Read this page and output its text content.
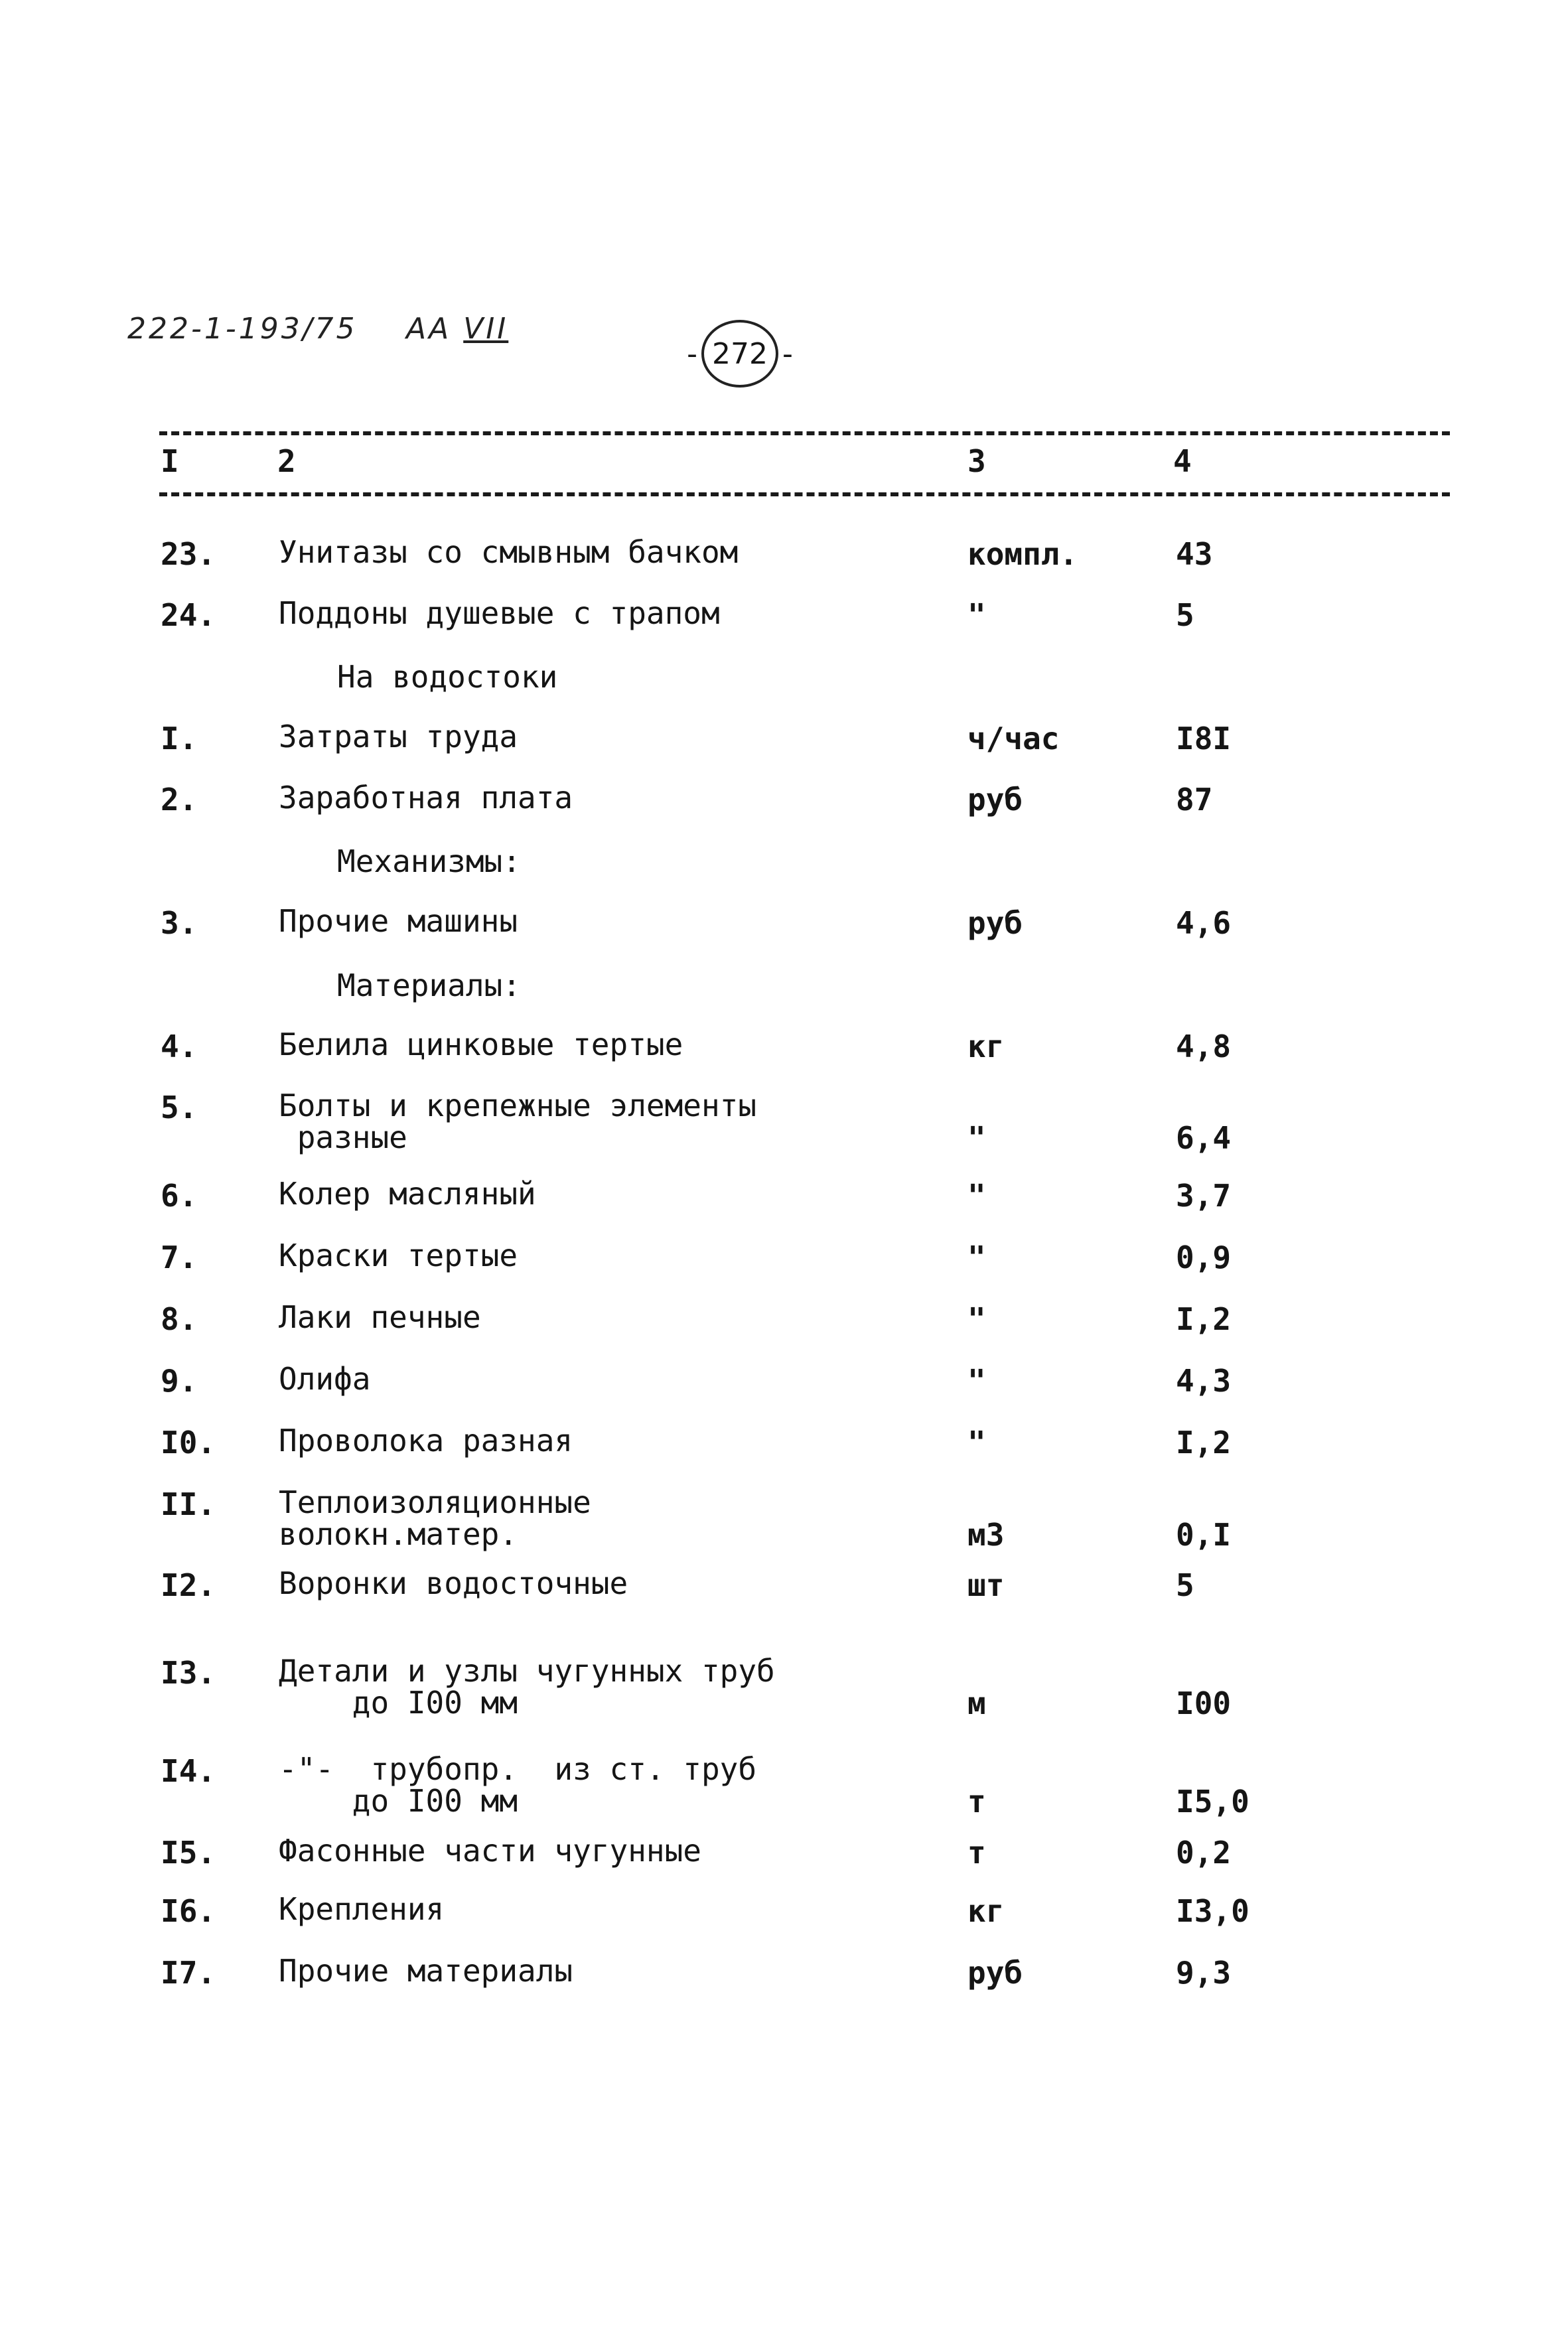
222-1-193/75 АА VII
- 272 -
I	2	3	4
23. Унитазы со смывным бачком	компл.	43
24. Поддоны душевые с трапом	"	5
На водостоки
I.	Затраты труда	ч/час	I8I
2.	Заработная плата	руб	87
Механизмы:
3.	Прочие машины	руб	4,6
Материалы:
4.	Белила цинковые тертые	кг	4,8
5.	Болты и крепежные элементы
разные	"	6,4
6.	Колер масляный	"	3,7
7.	Краски тертые	"	0,9
8.	Лаки печные	"	I,2
9.	Олифа	"	4,3
I0. Проволока разная	"	I,2
II. Теплоизоляционные
волокн.матер.	м3	0,I
I2. Воронки водосточные	шт	5
I3. Детали и узлы чугунных труб
до I00 мм	м	I00
I4. -"-  трубопр.  из ст. труб
до I00 мм	т	I5,0
I5. Фасонные части чугунные	т	0,2
I6. Крепления	кг	I3,0
I7. Прочие материалы	руб	9,3
